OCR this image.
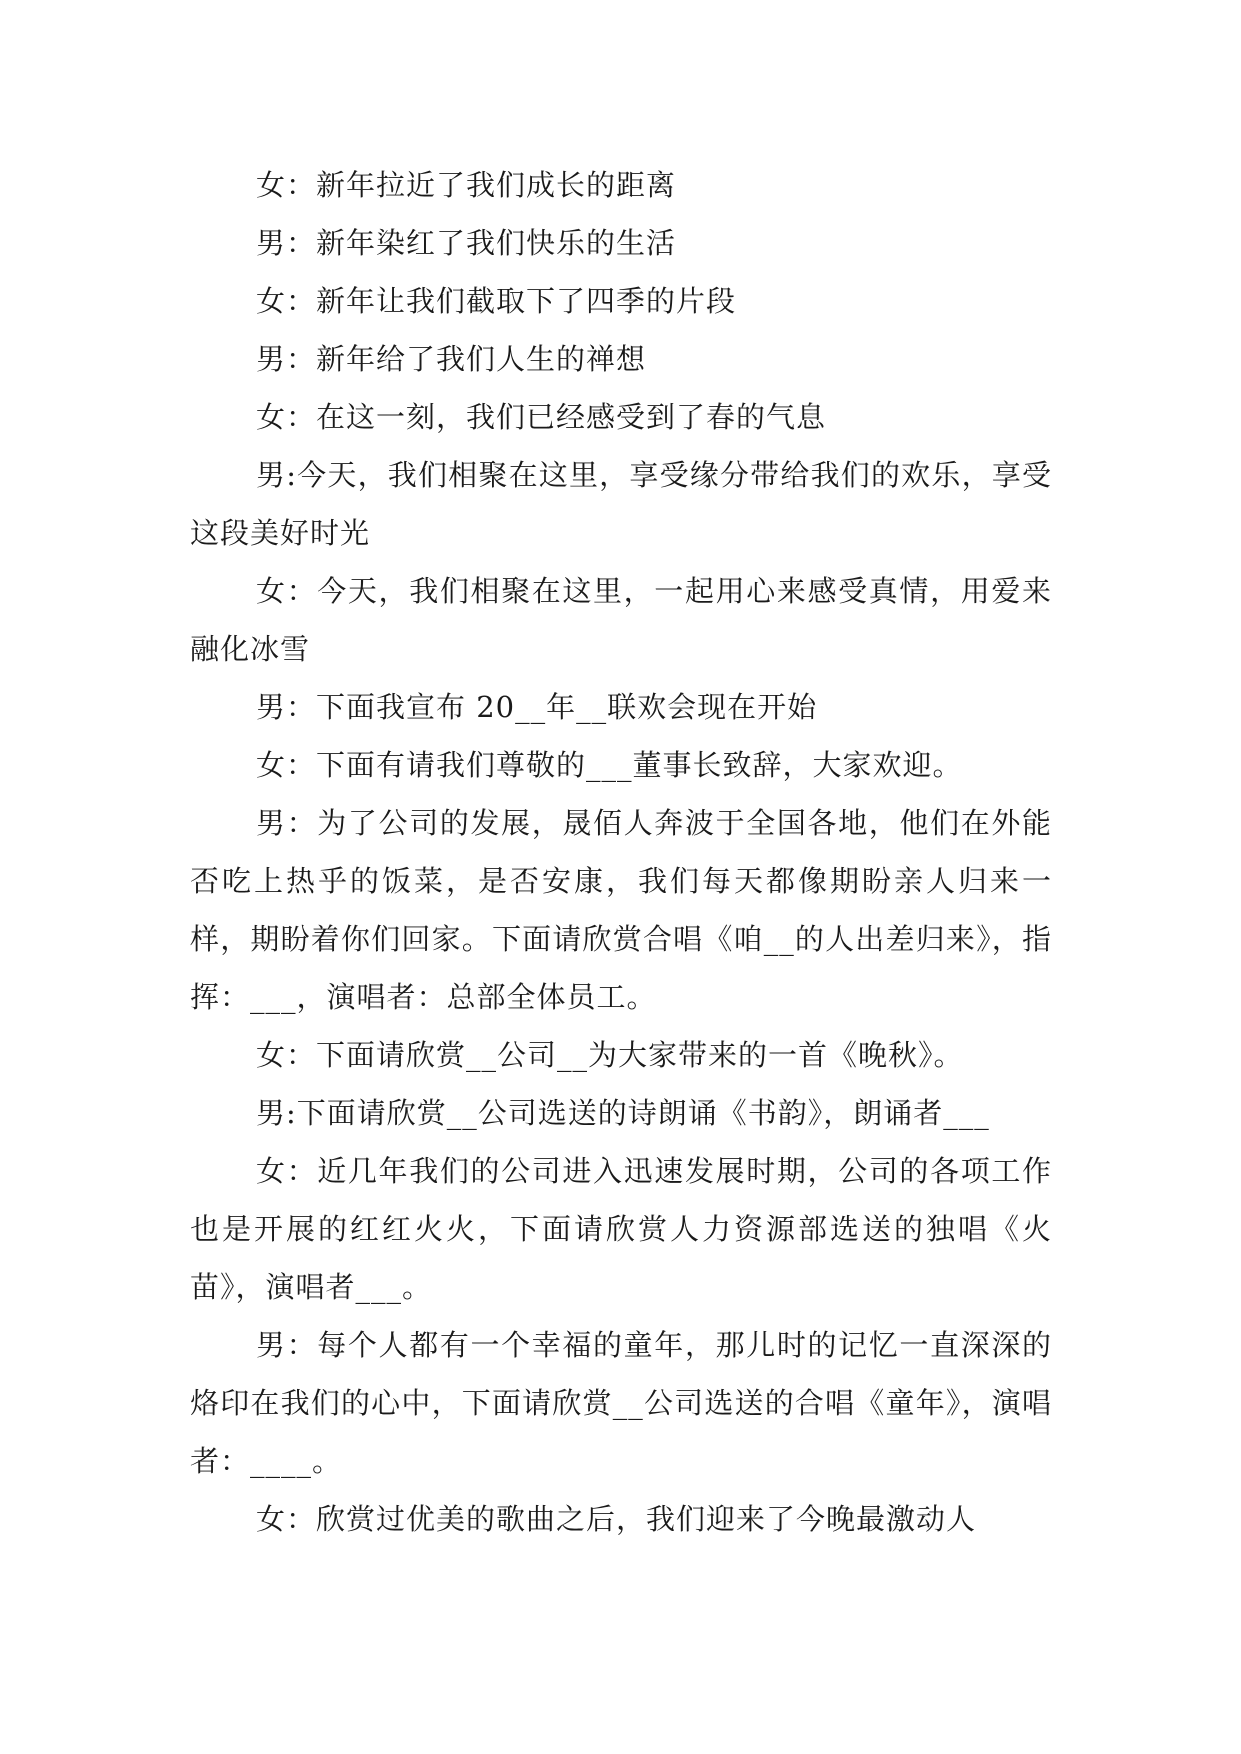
女：新年拉近了我们成长的距离

男：新年染红了我们快乐的生活

女：新年让我们截取下了四季的片段

男：新年给了我们人生的禅想

女：在这一刻，我们已经感受到了春的气息

男:今天，我们相聚在这里，享受缘分带给我们的欢乐，享受这段美好时光

女：今天，我们相聚在这里，一起用心来感受真情，用爱来融化冰雪

男：下面我宣布 20__年__联欢会现在开始

女：下面有请我们尊敬的___董事长致辞，大家欢迎。

男：为了公司的发展，晟佰人奔波于全国各地，他们在外能否吃上热乎的饭菜，是否安康，我们每天都像期盼亲人归来一样，期盼着你们回家。下面请欣赏合唱《咱__的人出差归来》，指挥：___，演唱者：总部全体员工。

女：下面请欣赏__公司__为大家带来的一首《晚秋》。

男:下面请欣赏__公司选送的诗朗诵《书韵》，朗诵者___

女：近几年我们的公司进入迅速发展时期，公司的各项工作也是开展的红红火火，下面请欣赏人力资源部选送的独唱《火苗》，演唱者___。

男：每个人都有一个幸福的童年，那儿时的记忆一直深深的烙印在我们的心中，下面请欣赏__公司选送的合唱《童年》，演唱者：____。

女：欣赏过优美的歌曲之后，我们迎来了今晚最激动人
